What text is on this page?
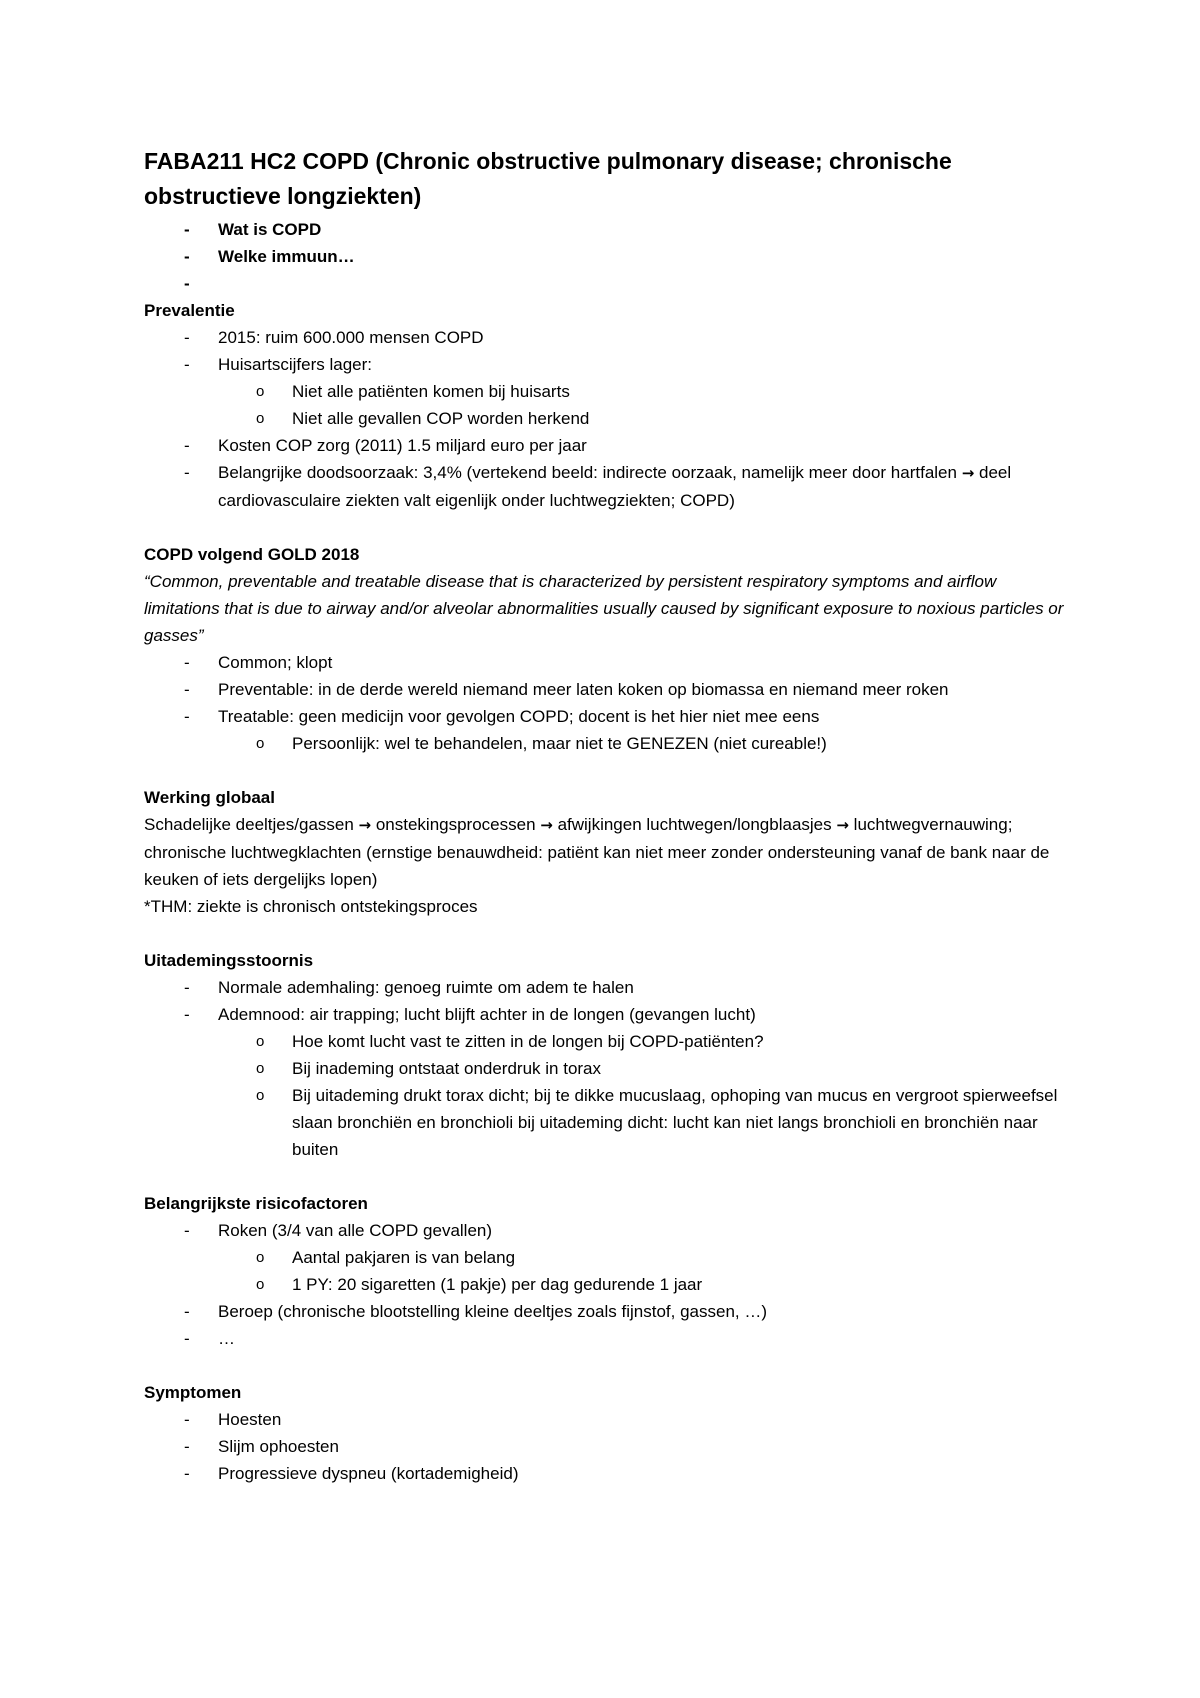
FABA211 HC2 COPD (Chronic obstructive pulmonary disease; chronische obstructieve longziekten)
- Wat is COPD
- Welke immuun…
-
Prevalentie
- 2015: ruim 600.000 mensen COPD
- Huisartscijfers lager:
o Niet alle patiënten komen bij huisarts
o Niet alle gevallen COP worden herkend
- Kosten COP zorg (2011) 1.5 miljard euro per jaar
- Belangrijke doodsoorzaak: 3,4% (vertekend beeld: indirecte oorzaak, namelijk meer door hartfalen → deel cardiovasculaire ziekten valt eigenlijk onder luchtwegziekten; COPD)
COPD volgend GOLD 2018
“Common, preventable and treatable disease that is characterized by persistent respiratory symptoms and airflow limitations that is due to airway and/or alveolar abnormalities usually caused by significant exposure to noxious particles or gasses”
- Common; klopt
- Preventable: in de derde wereld niemand meer laten koken op biomassa en niemand meer roken
- Treatable: geen medicijn voor gevolgen COPD; docent is het hier niet mee eens
o Persoonlijk: wel te behandelen, maar niet te GENEZEN (niet cureable!)
Werking globaal
Schadelijke deeltjes/gassen → onstekingsprocessen → afwijkingen luchtwegen/longblaasjes → luchtwegvernauwing; chronische luchtwegklachten (ernstige benauwdheid: patiënt kan niet meer zonder ondersteuning vanaf de bank naar de keuken of iets dergelijks lopen)
*THM: ziekte is chronisch ontstekingsproces
Uitademingsstoornis
- Normale ademhaling: genoeg ruimte om adem te halen
- Ademnood: air trapping; lucht blijft achter in de longen (gevangen lucht)
o Hoe komt lucht vast te zitten in de longen bij COPD-patiënten?
o Bij inademing ontstaat onderdruk in torax
o Bij uitademing drukt torax dicht; bij te dikke mucuslaag, ophoping van mucus en vergroot spierweefsel slaan bronchiën en bronchioli bij uitademing dicht: lucht kan niet langs bronchioli en bronchiën naar buiten
Belangrijkste risicofactoren
- Roken (3/4 van alle COPD gevallen)
o Aantal pakjaren is van belang
o 1 PY: 20 sigaretten (1 pakje) per dag gedurende 1 jaar
- Beroep (chronische blootstelling kleine deeltjes zoals fijnstof, gassen, …)
- …
Symptomen
- Hoesten
- Slijm ophoesten
- Progressieve dyspneu (kortademigheid)
